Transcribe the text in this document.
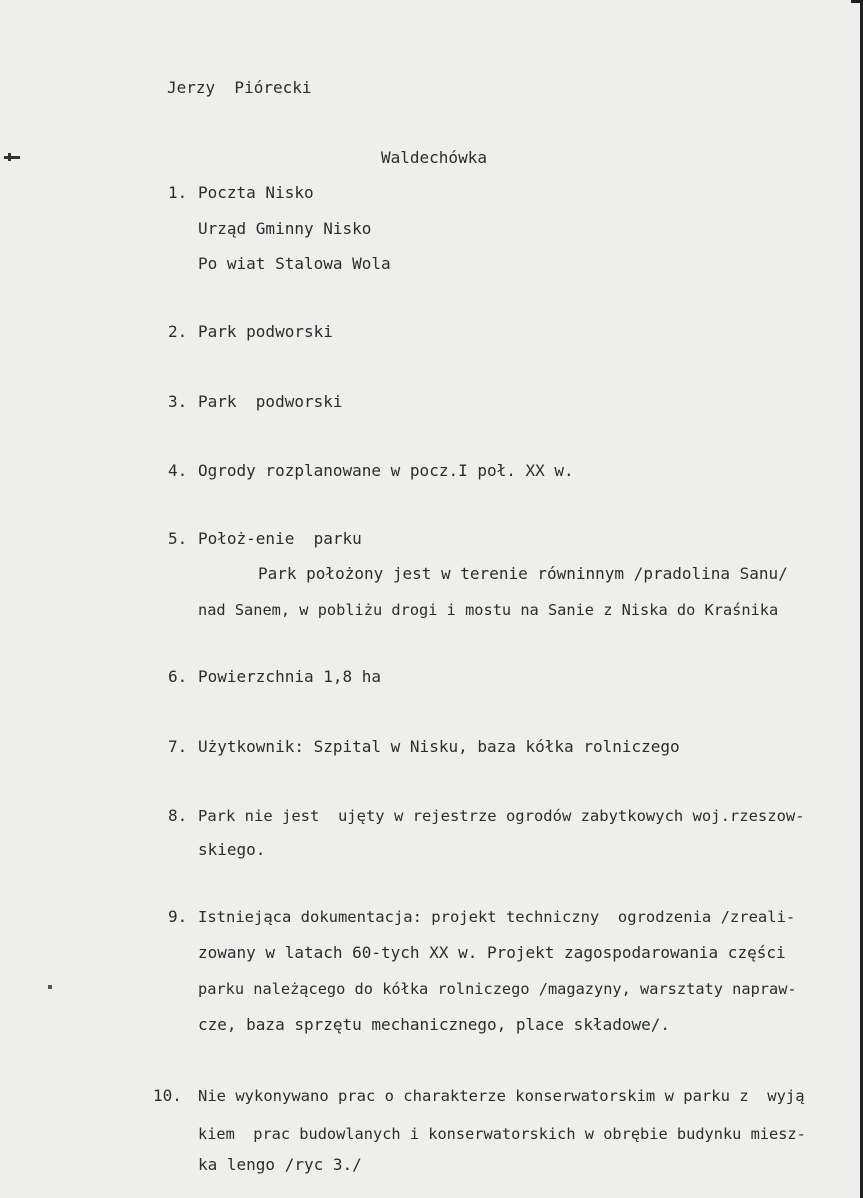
Jerzy  Piórecki
Waldechówka
1. Poczta Nisko
Urząd Gminny Nisko
Po wiat Stalowa Wola
2. Park podworski
3. Park  podworski
4. Ogrody rozplanowane w pocz.I poł. XX w.
5. Położ-enie  parku
Park położony jest w terenie równinnym /pradolina Sanu/
nad Sanem, w pobliżu drogi i mostu na Sanie z Niska do Kraśnika
6. Powierzchnia 1,8 ha
7. Użytkownik: Szpital w Nisku, baza kółka rolniczego
8. Park nie jest  ujęty w rejestrze ogrodów zabytkowych woj.rzeszow-
skiego.
9. Istniejąca dokumentacja: projekt techniczny  ogrodzenia /zreali-
zowany w latach 60-tych XX w. Projekt zagospodarowania części
parku należącego do kółka rolniczego /magazyny, warsztaty napraw-
cze, baza sprzętu mechanicznego, place składowe/.
10. Nie wykonywano prac o charakterze konserwatorskim w parku z  wyją
kiem  prac budowlanych i konserwatorskich w obrębie budynku miesz-
ka lengo /ryc 3./
